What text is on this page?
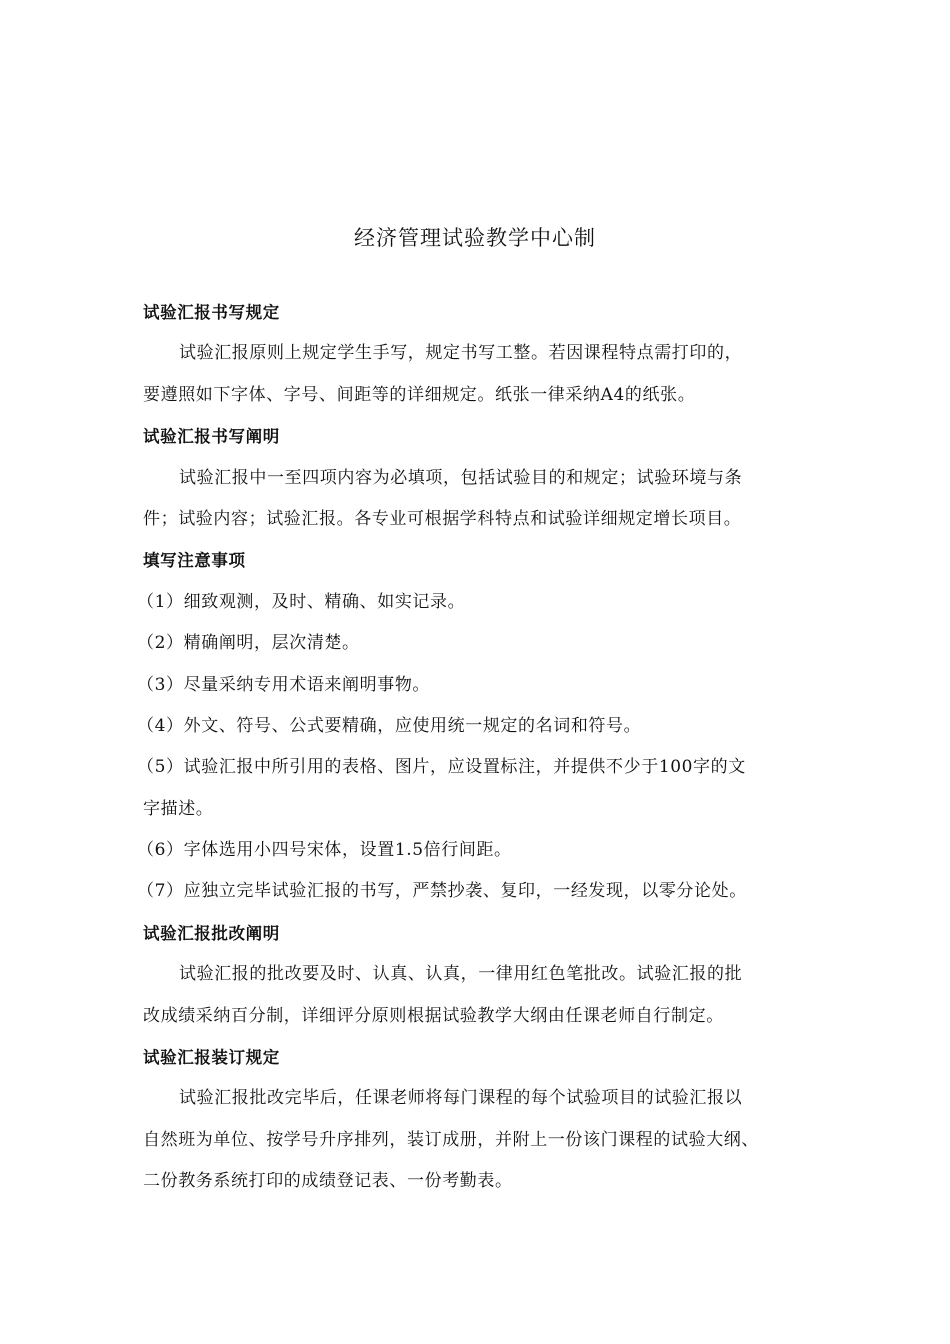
经济管理试验教学中心制
试验汇报书写规定
试验汇报原则上规定学生手写，规定书写工整。若因课程特点需打印的，
要遵照如下字体、字号、间距等的详细规定。纸张一律采纳A4的纸张。
试验汇报书写阐明
试验汇报中一至四项内容为必填项，包括试验目的和规定；试验环境与条
件；试验内容；试验汇报。各专业可根据学科特点和试验详细规定增长项目。
填写注意事项
（1）细致观测，及时、精确、如实记录。
（2）精确阐明，层次清楚。
（3）尽量采纳专用术语来阐明事物。
（4）外文、符号、公式要精确，应使用统一规定的名词和符号。
（5）试验汇报中所引用的表格、图片，应设置标注，并提供不少于100字的文
字描述。
（6）字体选用小四号宋体，设置1.5倍行间距。
（7）应独立完毕试验汇报的书写，严禁抄袭、复印，一经发现，以零分论处。
试验汇报批改阐明
试验汇报的批改要及时、认真、认真，一律用红色笔批改。试验汇报的批
改成绩采纳百分制，详细评分原则根据试验教学大纲由任课老师自行制定。
试验汇报装订规定
试验汇报批改完毕后，任课老师将每门课程的每个试验项目的试验汇报以
自然班为单位、按学号升序排列，装订成册，并附上一份该门课程的试验大纲、
二份教务系统打印的成绩登记表、一份考勤表。
